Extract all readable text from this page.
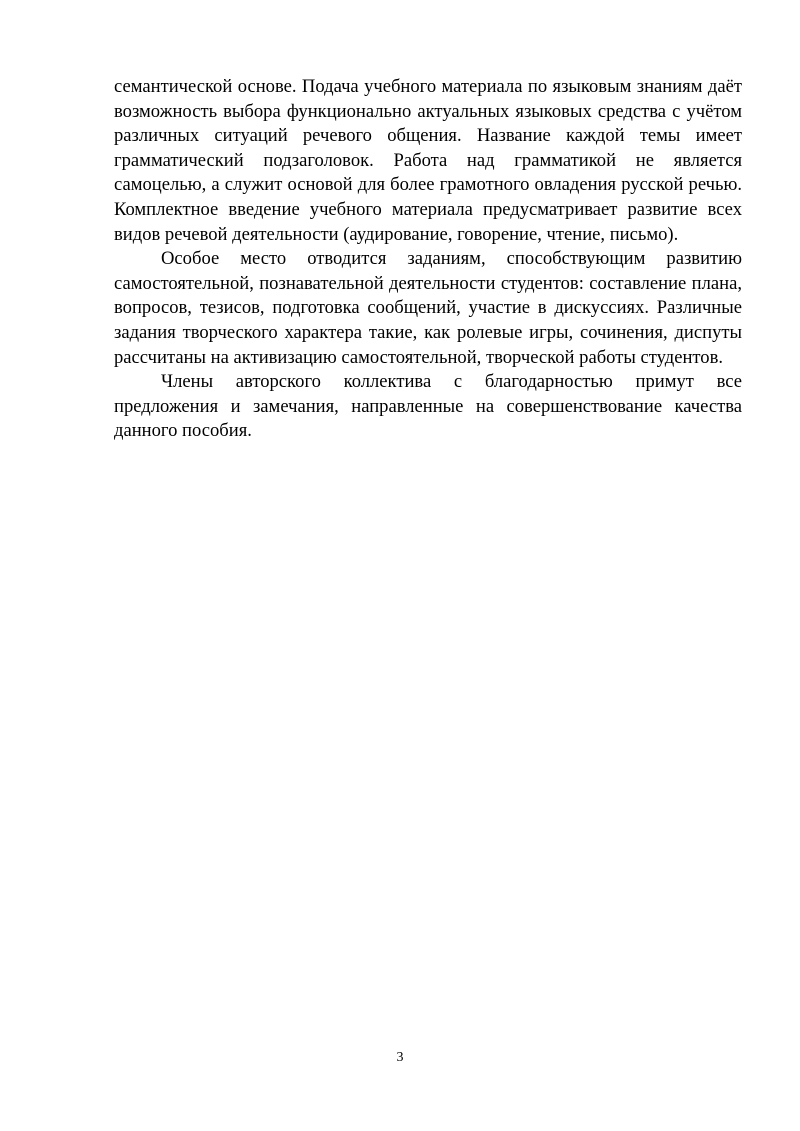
семантической основе. Подача учебного материала по языковым знаниям даёт возможность выбора функционально актуальных языковых средства с учётом различных ситуаций речевого общения. Название каждой темы имеет грамматический подзаголовок. Работа над грамматикой не является самоцелью, а служит основой для более грамотного овладения русской речью. Комплектное введение учебного материала предусматривает развитие всех видов речевой деятельности (аудирование, говорение, чтение, письмо).

Особое место отводится заданиям, способствующим развитию самостоятельной, познавательной деятельности студентов: составление плана, вопросов, тезисов, подготовка сообщений, участие в дискуссиях. Различные задания творческого характера такие, как ролевые игры, сочинения, диспуты рассчитаны на активизацию самостоятельной, творческой работы студентов.

Члены авторского коллектива с благодарностью примут все предложения и замечания, направленные на совершенствование качества данного пособия.

3
